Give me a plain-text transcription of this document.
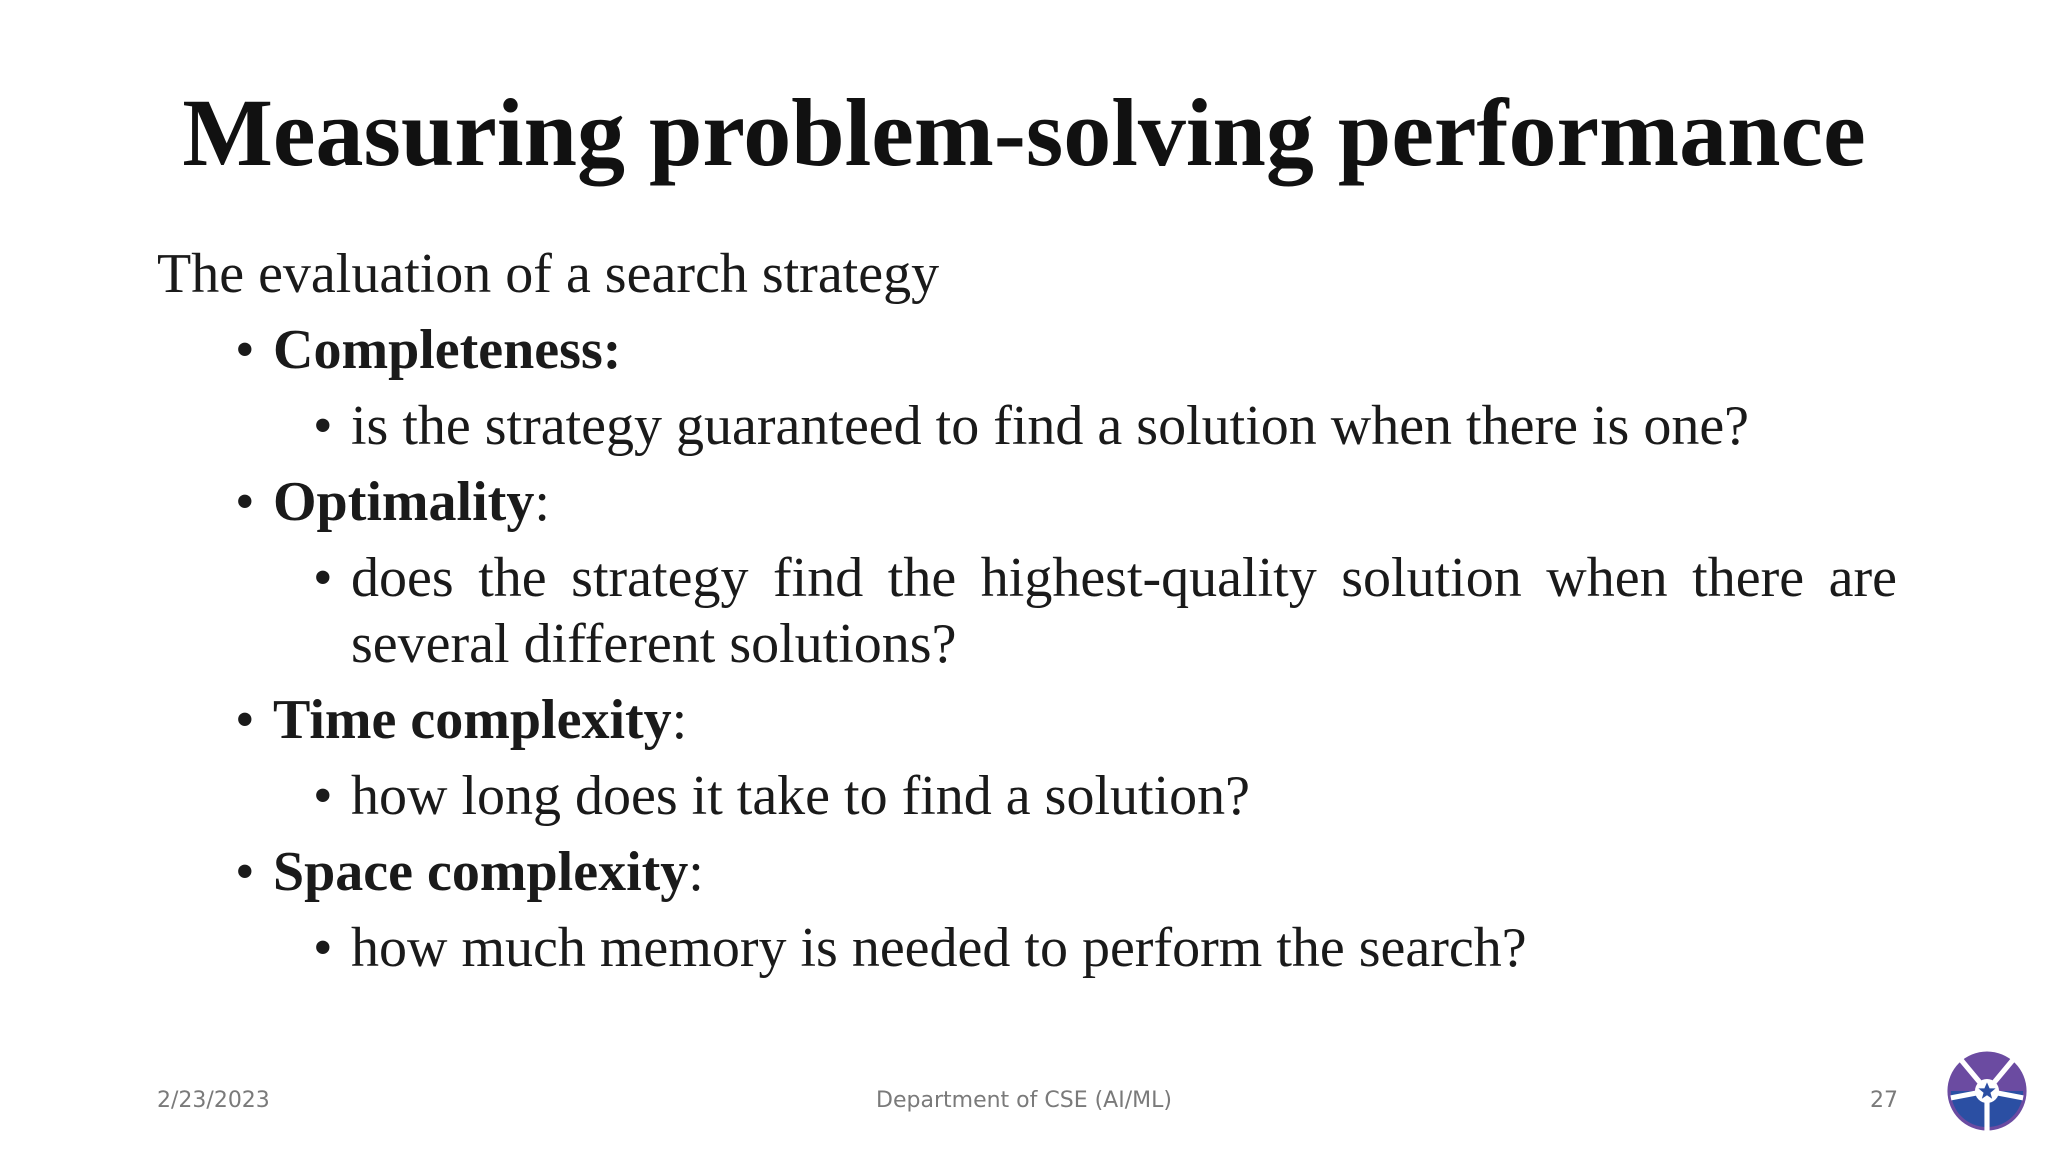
Measuring problem-solving performance

The evaluation of a search strategy

• Completeness:
• is the strategy guaranteed to find a solution when there is one?
• Optimality:
• does the strategy find the highest-quality solution when there are several different solutions?
• Time complexity:
• how long does it take to find a solution?
• Space complexity:
• how much memory is needed to perform the search?
2/23/2023	Department of CSE (AI/ML)	27
